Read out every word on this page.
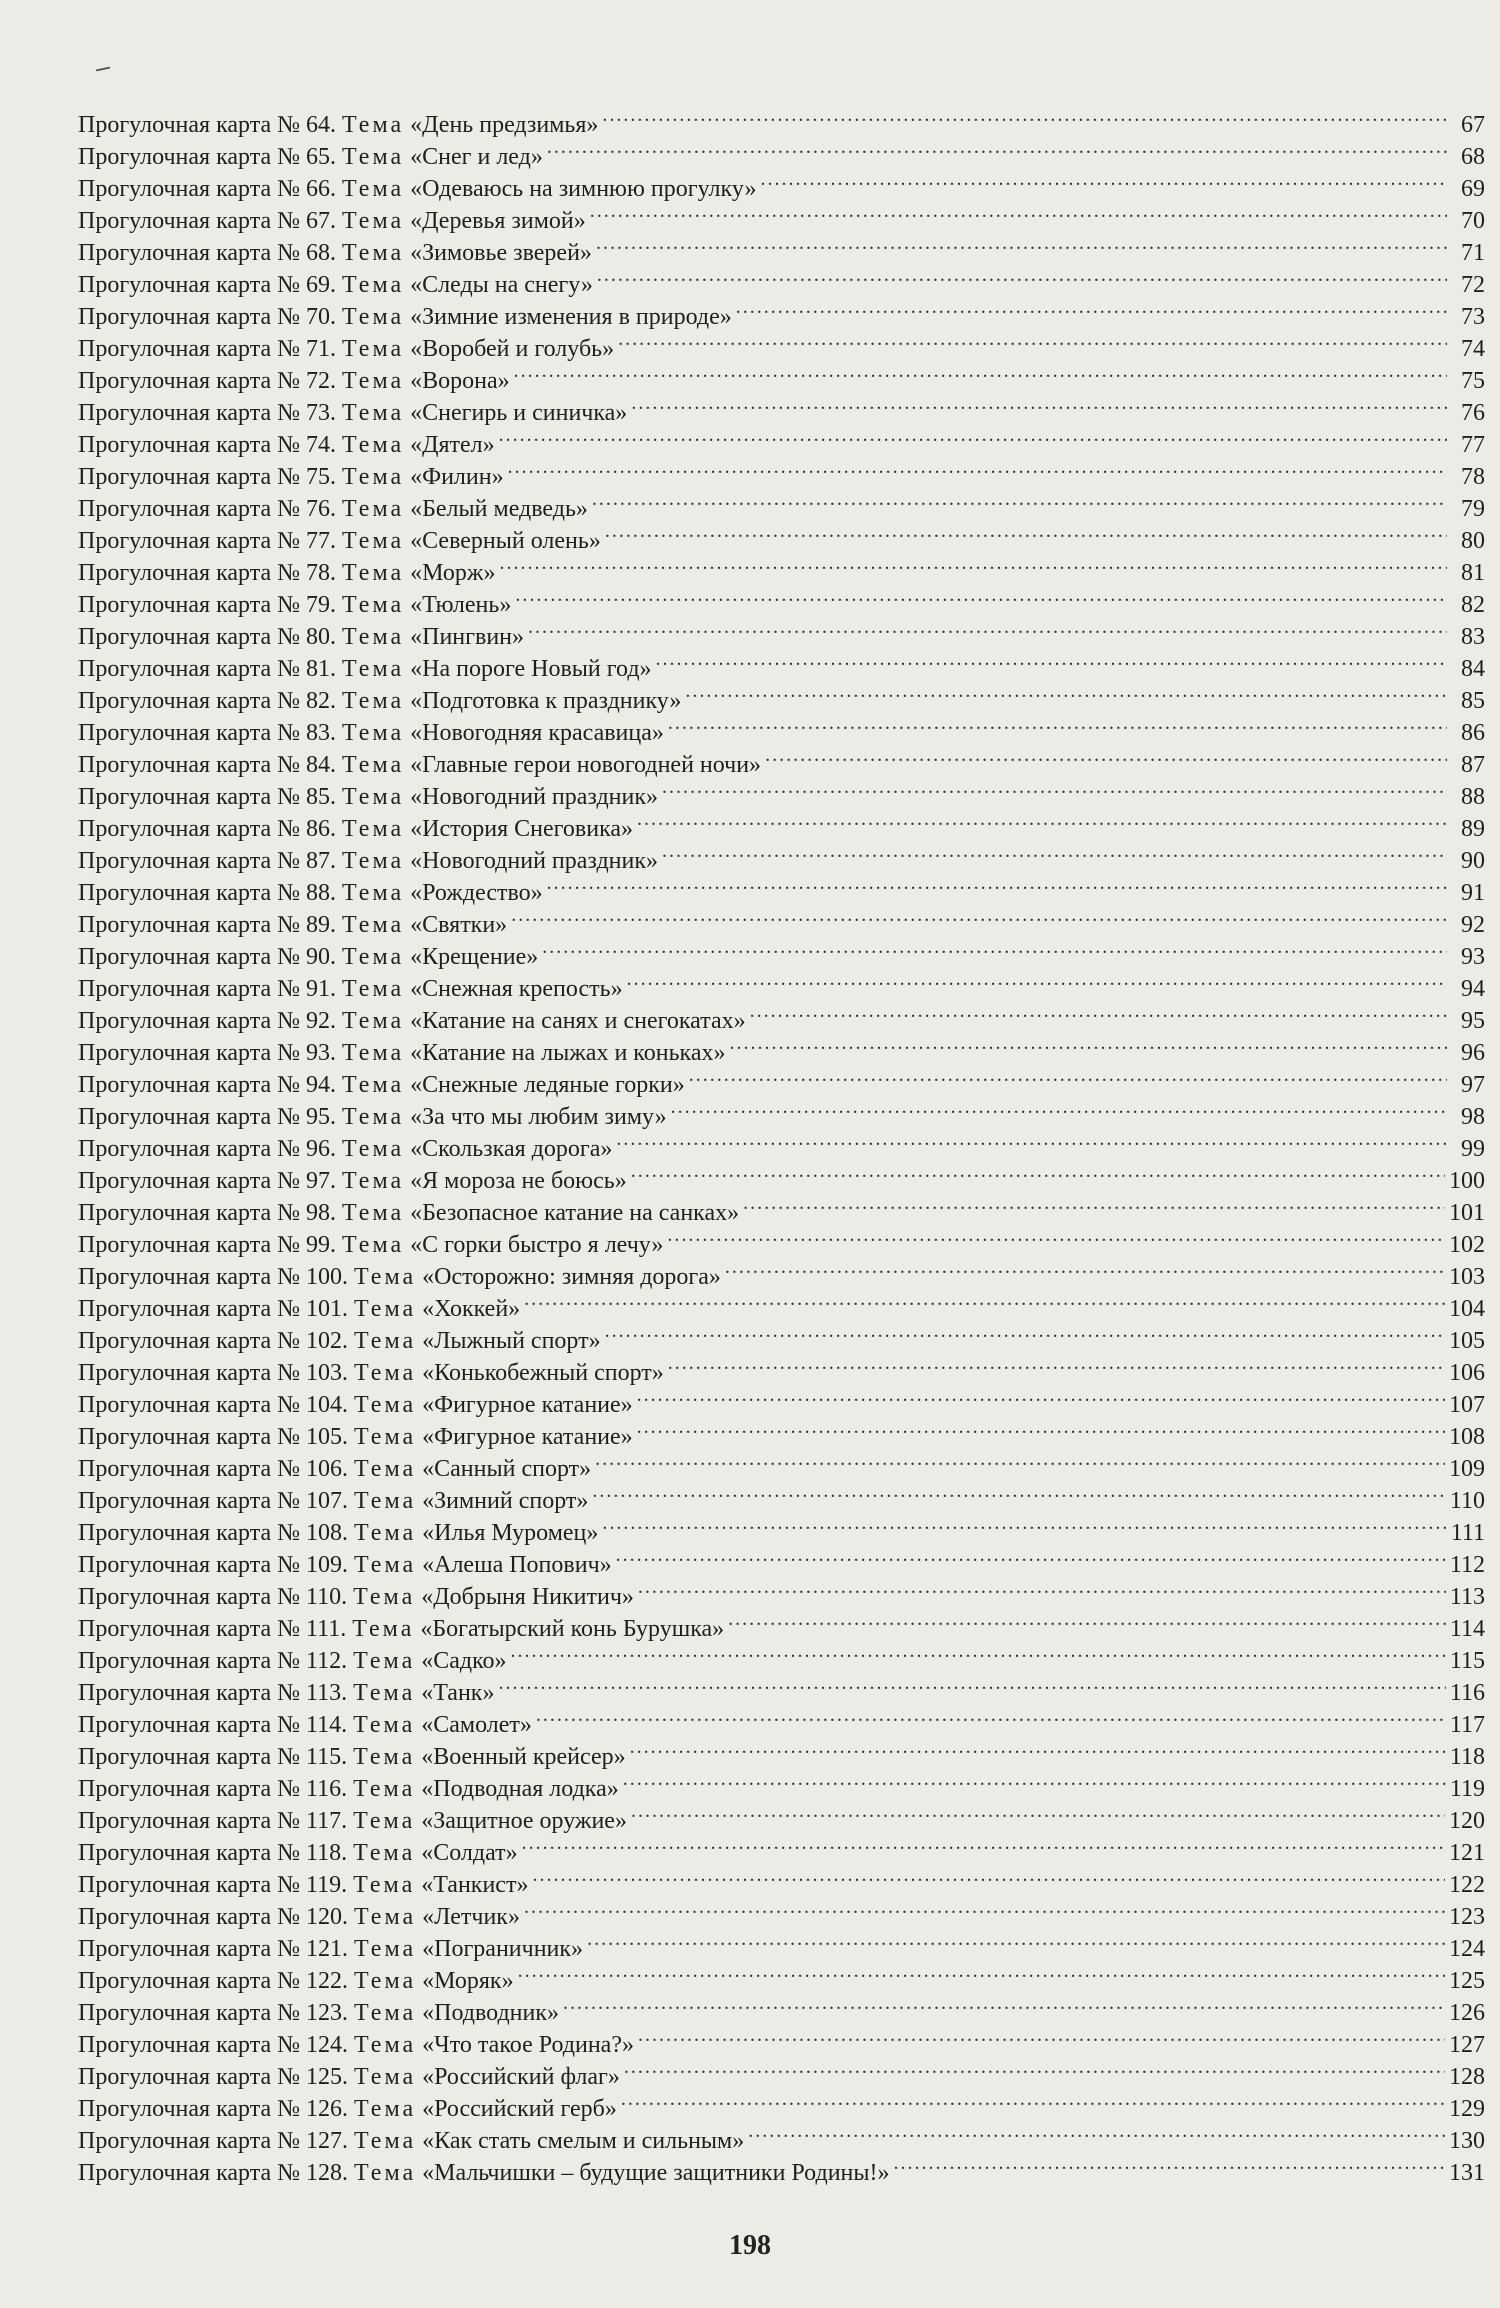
Прогулочная карта № 64. Тема «День предзимья» .....	67
Прогулочная карта № 65. Тема «Снег и лед» .....	68
Прогулочная карта № 66. Тема «Одеваюсь на зимнюю прогулку» .....	69
Прогулочная карта № 67. Тема «Деревья зимой» .....	70
Прогулочная карта № 68. Тема «Зимовье зверей» .....	71
Прогулочная карта № 69. Тема «Следы на снегу» .....	72
Прогулочная карта № 70. Тема «Зимние изменения в природе» .....	73
Прогулочная карта № 71. Тема «Воробей и голубь» .....	74
Прогулочная карта № 72. Тема «Ворона» .....	75
Прогулочная карта № 73. Тема «Снегирь и синичка» .....	76
Прогулочная карта № 74. Тема «Дятел» .....	77
Прогулочная карта № 75. Тема «Филин» .....	78
Прогулочная карта № 76. Тема «Белый медведь» .....	79
Прогулочная карта № 77. Тема «Северный олень» .....	80
Прогулочная карта № 78. Тема «Морж» .....	81
Прогулочная карта № 79. Тема «Тюлень» .....	82
Прогулочная карта № 80. Тема «Пингвин» .....	83
Прогулочная карта № 81. Тема «На пороге Новый год» .....	84
Прогулочная карта № 82. Тема «Подготовка к празднику» .....	85
Прогулочная карта № 83. Тема «Новогодняя красавица» .....	86
Прогулочная карта № 84. Тема «Главные герои новогодней ночи» .....	87
Прогулочная карта № 85. Тема «Новогодний праздник» .....	88
Прогулочная карта № 86. Тема «История Снеговика» .....	89
Прогулочная карта № 87. Тема «Новогодний праздник» .....	90
Прогулочная карта № 88. Тема «Рождество» .....	91
Прогулочная карта № 89. Тема «Святки» .....	92
Прогулочная карта № 90. Тема «Крещение» .....	93
Прогулочная карта № 91. Тема «Снежная крепость» .....	94
Прогулочная карта № 92. Тема «Катание на санях и снегокатах» .....	95
Прогулочная карта № 93. Тема «Катание на лыжах и коньках» .....	96
Прогулочная карта № 94. Тема «Снежные ледяные горки» .....	97
Прогулочная карта № 95. Тема «За что мы любим зиму» .....	98
Прогулочная карта № 96. Тема «Скользкая дорога» .....	99
Прогулочная карта № 97. Тема «Я мороза не боюсь» .....	100
Прогулочная карта № 98. Тема «Безопасное катание на санках» .....	101
Прогулочная карта № 99. Тема «С горки быстро я лечу» .....	102
Прогулочная карта № 100. Тема «Осторожно: зимняя дорога» .....	103
Прогулочная карта № 101. Тема «Хоккей» .....	104
Прогулочная карта № 102. Тема «Лыжный спорт» .....	105
Прогулочная карта № 103. Тема «Конькобежный спорт» .....	106
Прогулочная карта № 104. Тема «Фигурное катание» .....	107
Прогулочная карта № 105. Тема «Фигурное катание» .....	108
Прогулочная карта № 106. Тема «Санный спорт» .....	109
Прогулочная карта № 107. Тема «Зимний спорт» .....	110
Прогулочная карта № 108. Тема «Илья Муромец» .....	111
Прогулочная карта № 109. Тема «Алеша Попович» .....	112
Прогулочная карта № 110. Тема «Добрыня Никитич» .....	113
Прогулочная карта № 111. Тема «Богатырский конь Бурушка» .....	114
Прогулочная карта № 112. Тема «Садко» .....	115
Прогулочная карта № 113. Тема «Танк» .....	116
Прогулочная карта № 114. Тема «Самолет» .....	117
Прогулочная карта № 115. Тема «Военный крейсер» .....	118
Прогулочная карта № 116. Тема «Подводная лодка» .....	119
Прогулочная карта № 117. Тема «Защитное оружие» .....	120
Прогулочная карта № 118. Тема «Солдат» .....	121
Прогулочная карта № 119. Тема «Танкист» .....	122
Прогулочная карта № 120. Тема «Летчик» .....	123
Прогулочная карта № 121. Тема «Пограничник» .....	124
Прогулочная карта № 122. Тема «Моряк» .....	125
Прогулочная карта № 123. Тема «Подводник» .....	126
Прогулочная карта № 124. Тема «Что такое Родина?» .....	127
Прогулочная карта № 125. Тема «Российский флаг» .....	128
Прогулочная карта № 126. Тема «Российский герб» .....	129
Прогулочная карта № 127. Тема «Как стать смелым и сильным» .....	130
Прогулочная карта № 128. Тема «Мальчишки – будущие защитники Родины!» .....	131
198
